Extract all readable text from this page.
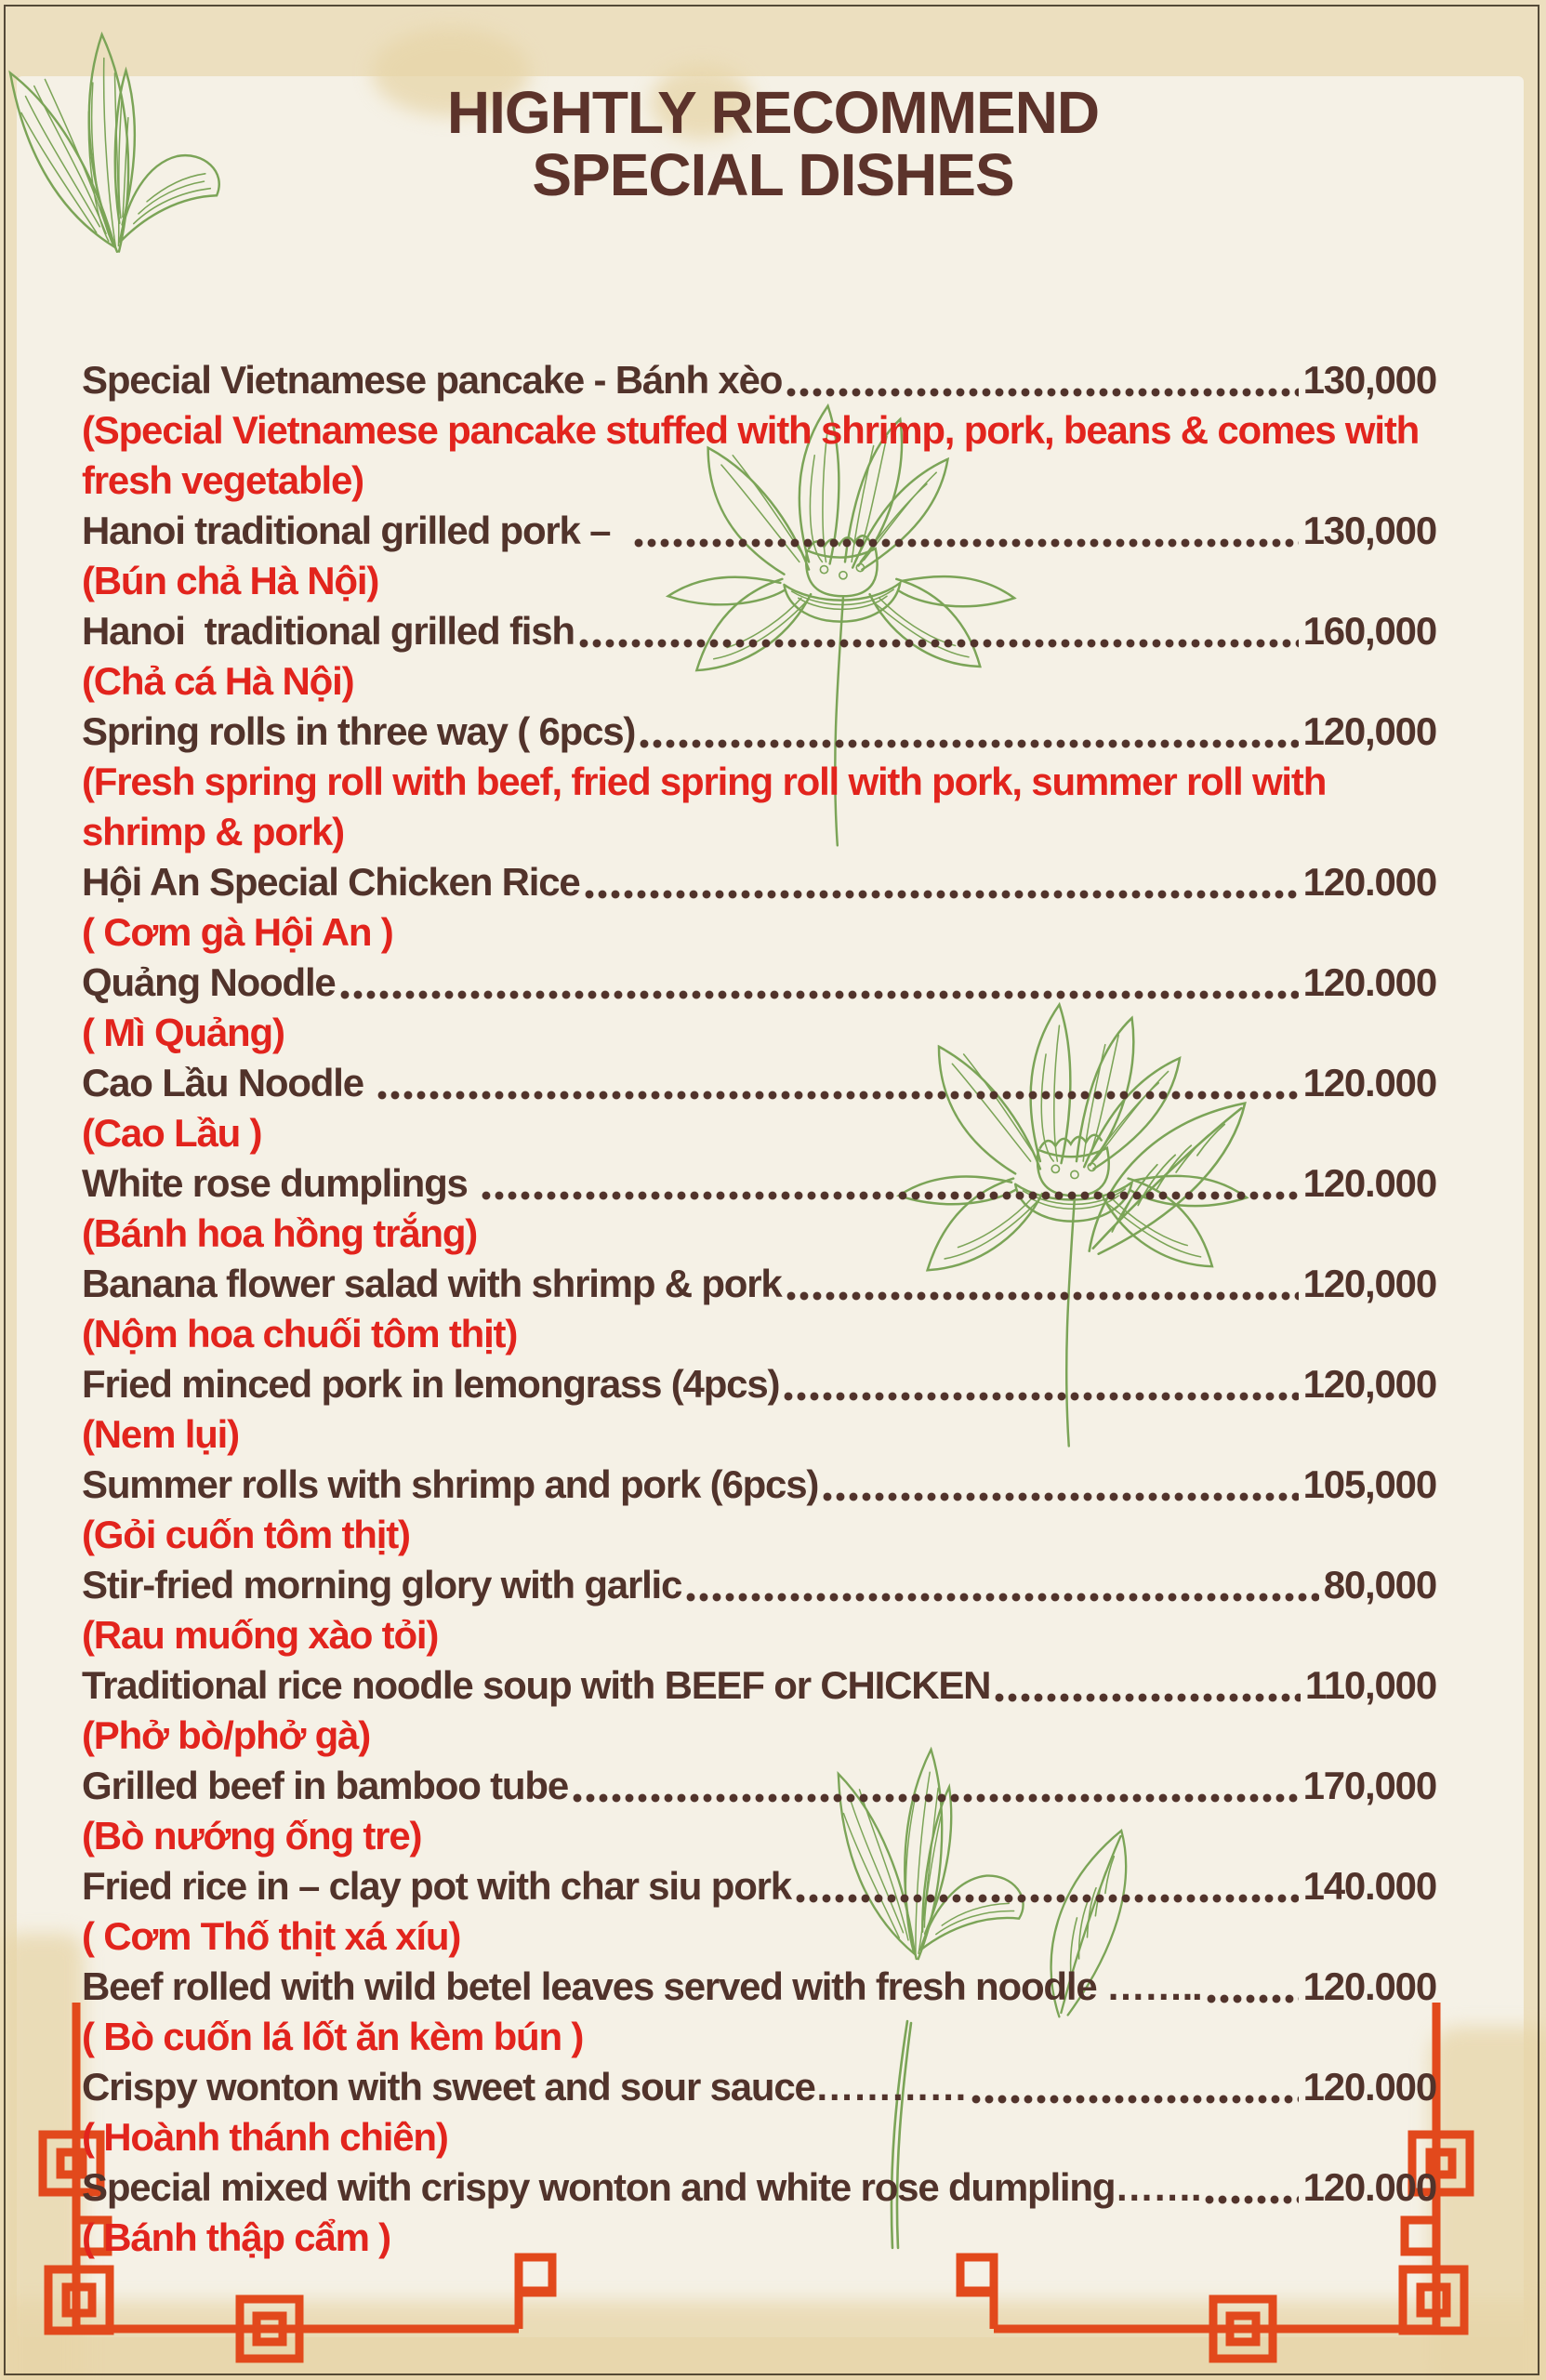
HIGHTLY RECOMMEND
SPECIAL DISHES
Special Vietnamese pancake - Bánh xèo	130,000
(Special Vietnamese pancake stuffed with shrimp, pork, beans & comes with fresh vegetable)
Hanoi traditional grilled pork –	130,000
(Bún chả Hà Nội)
Hanoi  traditional grilled fish	160,000
(Chả cá Hà Nội)
Spring rolls in three way ( 6pcs)	120,000
(Fresh spring roll with beef, fried spring roll with pork, summer roll with shrimp & pork)
Hội An Special Chicken Rice	120.000
( Cơm gà Hội An )
Quảng Noodle	120.000
( Mì Quảng)
Cao Lầu Noodle	120.000
(Cao Lầu )
White rose dumplings	120.000
(Bánh hoa hồng trắng)
Banana flower salad with shrimp & pork	120,000
(Nộm hoa chuối tôm thịt)
Fried minced pork in lemongrass (4pcs)	120,000
(Nem lụi)
Summer rolls with shrimp and pork (6pcs)	105,000
(Gỏi cuốn tôm thịt)
Stir-fried morning glory with garlic	80,000
(Rau muống xào tỏi)
Traditional rice noodle soup with BEEF or CHICKEN	110,000
(Phở bò/phở gà)
Grilled beef in bamboo tube	170,000
(Bò nướng ống tre)
Fried rice in – clay pot with char siu pork	140.000
( Cơm Thố thịt xá xíu)
Beef rolled with wild betel leaves served with fresh noodle ……..	120.000
( Bò cuốn lá lốt ăn kèm bún )
Crispy wonton with sweet and sour sauce…………	120.000
( Hoành thánh chiên)
Special mixed with crispy wonton and white rose dumpling…….	120.000
( Bánh thập cẩm )
